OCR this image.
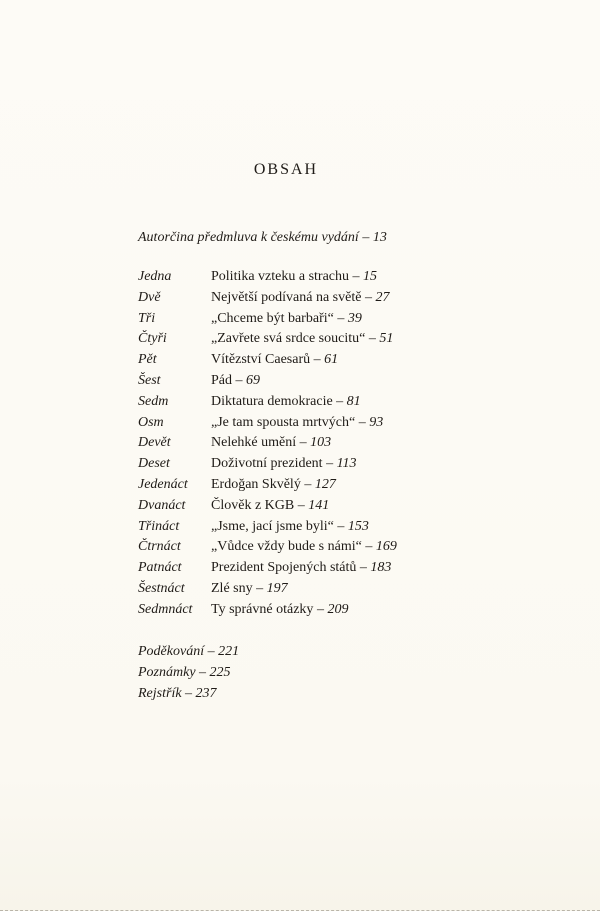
OBSAH
Autorčina předmluva k českému vydání – 13
Jedna	Politika vzteku a strachu – 15
Dvě	Největší podívaná na světě – 27
Tři	„Chceme být barbaři“ – 39
Čtyři	„Zavřete svá srdce soucitu“ – 51
Pět	Vítězství Caesarů – 61
Šest	Pád – 69
Sedm	Diktatura demokracie – 81
Osm	„Je tam spousta mrtvých“ – 93
Devět	Nelehké umění – 103
Deset	Doživotní prezident – 113
Jedenáct	Erdoğan Skvělý – 127
Dvanáct	Člověk z KGB – 141
Třináct	„Jsme, jací jsme byli“ – 153
Čtrnáct	„Vůdce vždy bude s námi“ – 169
Patnáct	Prezident Spojených států – 183
Šestnáct	Zlé sny – 197
Sedmnáct	Ty správné otázky – 209
Poděkování – 221
Poznámky – 225
Rejstřík – 237
